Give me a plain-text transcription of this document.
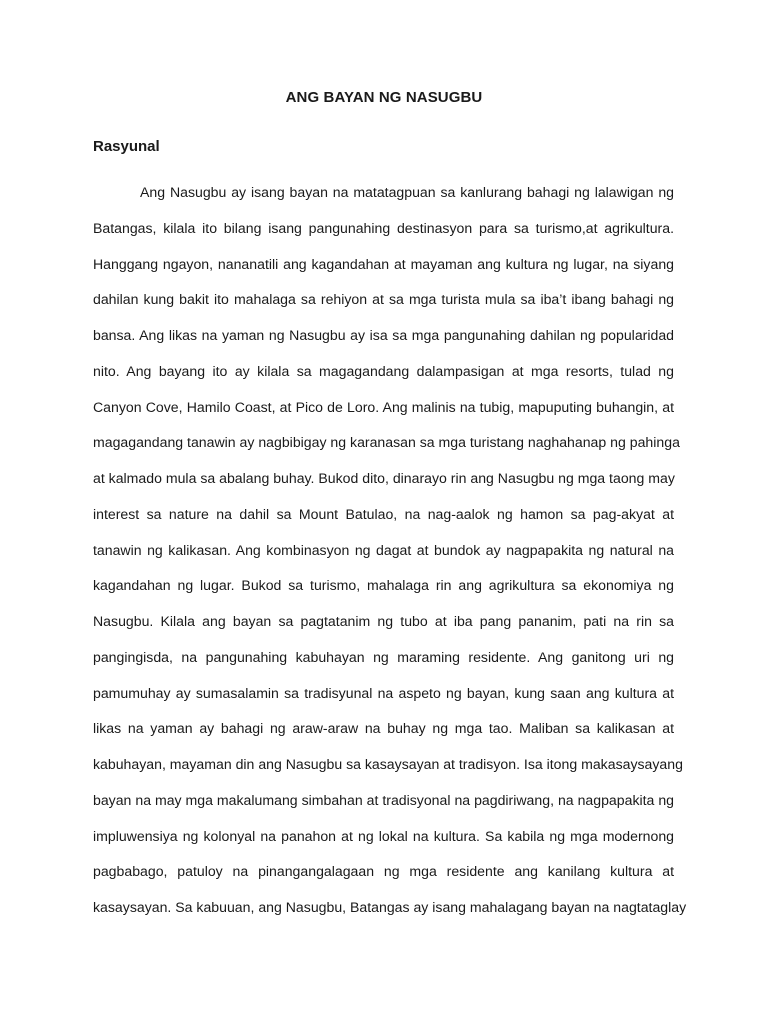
ANG BAYAN NG NASUGBU
Rasyunal
Ang Nasugbu ay isang bayan na matatagpuan sa kanlurang bahagi ng lalawigan ng
Batangas, kilala ito bilang isang pangunahing destinasyon para sa turismo,at agrikultura.
Hanggang ngayon, nananatili ang kagandahan at mayaman ang kultura ng lugar, na siyang
dahilan kung bakit ito mahalaga sa rehiyon at sa mga turista mula sa iba’t ibang bahagi ng
bansa. Ang likas na yaman ng Nasugbu ay isa sa mga pangunahing dahilan ng popularidad
nito. Ang bayang ito ay kilala sa magagandang dalampasigan at mga resorts, tulad ng
Canyon Cove, Hamilo Coast, at Pico de Loro. Ang malinis na tubig, mapuputing buhangin, at
magagandang tanawin ay nagbibigay ng karanasan sa mga turistang naghahanap ng pahinga
at kalmado mula sa abalang buhay. Bukod dito, dinarayo rin ang Nasugbu ng mga taong may
interest sa nature na dahil sa Mount Batulao, na nag-aalok ng hamon sa pag-akyat at
tanawin ng kalikasan. Ang kombinasyon ng dagat at bundok ay nagpapakita ng natural na
kagandahan ng lugar. Bukod sa turismo, mahalaga rin ang agrikultura sa ekonomiya ng
Nasugbu. Kilala ang bayan sa pagtatanim ng tubo at iba pang pananim, pati na rin sa
pangingisda, na pangunahing kabuhayan ng maraming residente. Ang ganitong uri ng
pamumuhay ay sumasalamin sa tradisyunal na aspeto ng bayan, kung saan ang kultura at
likas na yaman ay bahagi ng araw-araw na buhay ng mga tao. Maliban sa kalikasan at
kabuhayan, mayaman din ang Nasugbu sa kasaysayan at tradisyon. Isa itong makasaysayang
bayan na may mga makalumang simbahan at tradisyonal na pagdiriwang, na nagpapakita ng
impluwensiya ng kolonyal na panahon at ng lokal na kultura. Sa kabila ng mga modernong
pagbabago, patuloy na pinangangalagaan ng mga residente ang kanilang kultura at
kasaysayan. Sa kabuuan, ang Nasugbu, Batangas ay isang mahalagang bayan na nagtataglay
